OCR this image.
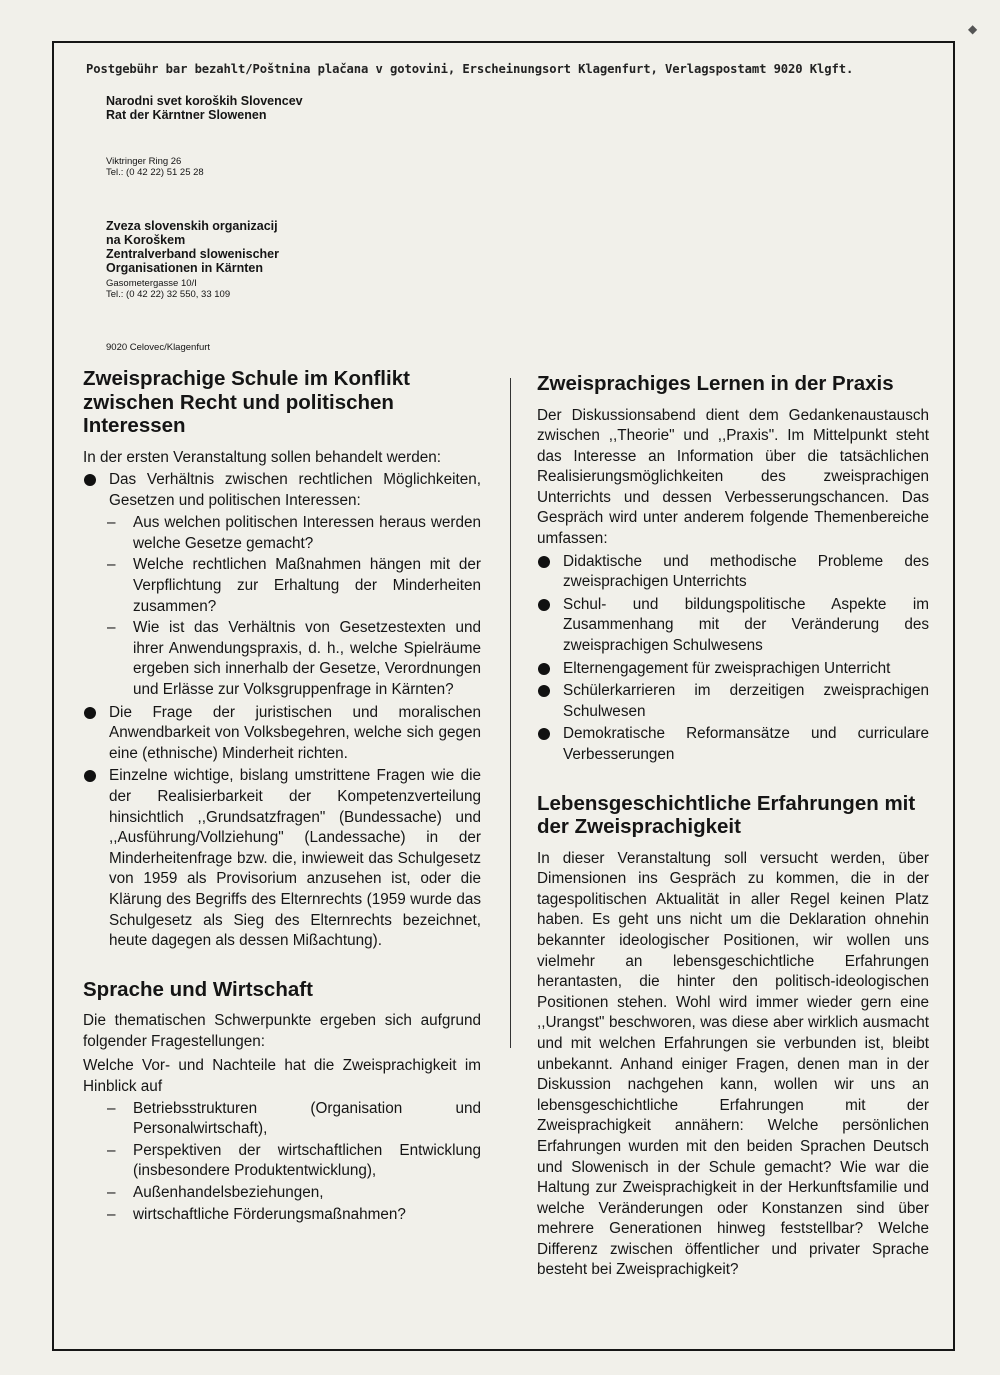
◆
Postgebühr bar bezahlt/Poštnina plačana v gotovini, Erscheinungsort Klagenfurt, Verlagspostamt 9020 Klgft.
Narodni svet koroških Slovencev
Rat der Kärntner Slowenen
Viktringer Ring 26
Tel.: (0 42 22) 51 25 28
Zveza slovenskih organizacij
na Koroškem
Zentralverband slowenischer
Organisationen in Kärnten
Gasometergasse 10/I
Tel.: (0 42 22) 32 550, 33 109
9020 Celovec/Klagenfurt
Zweisprachige Schule im Konflikt zwischen Recht und politischen Interessen

In der ersten Veranstaltung sollen behandelt werden:

Das Verhältnis zwischen rechtlichen Möglichkeiten, Gesetzen und politischen Interessen:
– Aus welchen politischen Interessen heraus werden welche Gesetze gemacht?
– Welche rechtlichen Maßnahmen hängen mit der Verpflichtung zur Erhaltung der Minderheiten zusammen?
– Wie ist das Verhältnis von Gesetzestexten und ihrer Anwendungspraxis, d. h., welche Spielräume ergeben sich innerhalb der Gesetze, Verordnungen und Erlässe zur Volksgruppenfrage in Kärnten?
Die Frage der juristischen und moralischen Anwendbarkeit von Volksbegehren, welche sich gegen eine (ethnische) Minderheit richten.
Einzelne wichtige, bislang umstrittene Fragen wie die der Realisierbarkeit der Kompetenzverteilung hinsichtlich ,,Grundsatzfragen" (Bundessache) und ,,Ausführung/Vollziehung" (Landessache) in der Minderheitenfrage bzw. die, inwieweit das Schulgesetz von 1959 als Provisorium anzusehen ist, oder die Klärung des Begriffs des Elternrechts (1959 wurde das Schulgesetz als Sieg des Elternrechts bezeichnet, heute dagegen als dessen Mißachtung).
Sprache und Wirtschaft

Die thematischen Schwerpunkte ergeben sich aufgrund folgender Fragestellungen:

Welche Vor- und Nachteile hat die Zweisprachigkeit im Hinblick auf

– Betriebsstrukturen (Organisation und Personalwirtschaft),
– Perspektiven der wirtschaftlichen Entwicklung (insbesondere Produktentwicklung),
– Außenhandelsbeziehungen,
– wirtschaftliche Förderungsmaßnahmen?
Zweisprachiges Lernen in der Praxis

Der Diskussionsabend dient dem Gedankenaustausch zwischen ,,Theorie" und ,,Praxis". Im Mittelpunkt steht das Interesse an Information über die tatsächlichen Realisierungsmöglichkeiten des zweisprachigen Unterrichts und dessen Verbesserungschancen. Das Gespräch wird unter anderem folgende Themenbereiche umfassen:

Didaktische und methodische Probleme des zweisprachigen Unterrichts
Schul- und bildungspolitische Aspekte im Zusammenhang mit der Veränderung des zweisprachigen Schulwesens
Elternengagement für zweisprachigen Unterricht
Schülerkarrieren im derzeitigen zweisprachigen Schulwesen
Demokratische Reformansätze und curriculare Verbesserungen
Lebensgeschichtliche Erfahrungen mit der Zweisprachigkeit

In dieser Veranstaltung soll versucht werden, über Dimensionen ins Gespräch zu kommen, die in der tagespolitischen Aktualität in aller Regel keinen Platz haben. Es geht uns nicht um die Deklaration ohnehin bekannter ideologischer Positionen, wir wollen uns vielmehr an lebensgeschichtliche Erfahrungen herantasten, die hinter den politisch-ideologischen Positionen stehen. Wohl wird immer wieder gern eine ,,Urangst" beschworen, was diese aber wirklich ausmacht und mit welchen Erfahrungen sie verbunden ist, bleibt unbekannt. Anhand einiger Fragen, denen man in der Diskussion nachgehen kann, wollen wir uns an lebensgeschichtliche Erfahrungen mit der Zweisprachigkeit annähern: Welche persönlichen Erfahrungen wurden mit den beiden Sprachen Deutsch und Slowenisch in der Schule gemacht? Wie war die Haltung zur Zweisprachigkeit in der Herkunftsfamilie und welche Veränderungen oder Konstanzen sind über mehrere Generationen hinweg feststellbar? Welche Differenz zwischen öffentlicher und privater Sprache besteht bei Zweisprachigkeit?
